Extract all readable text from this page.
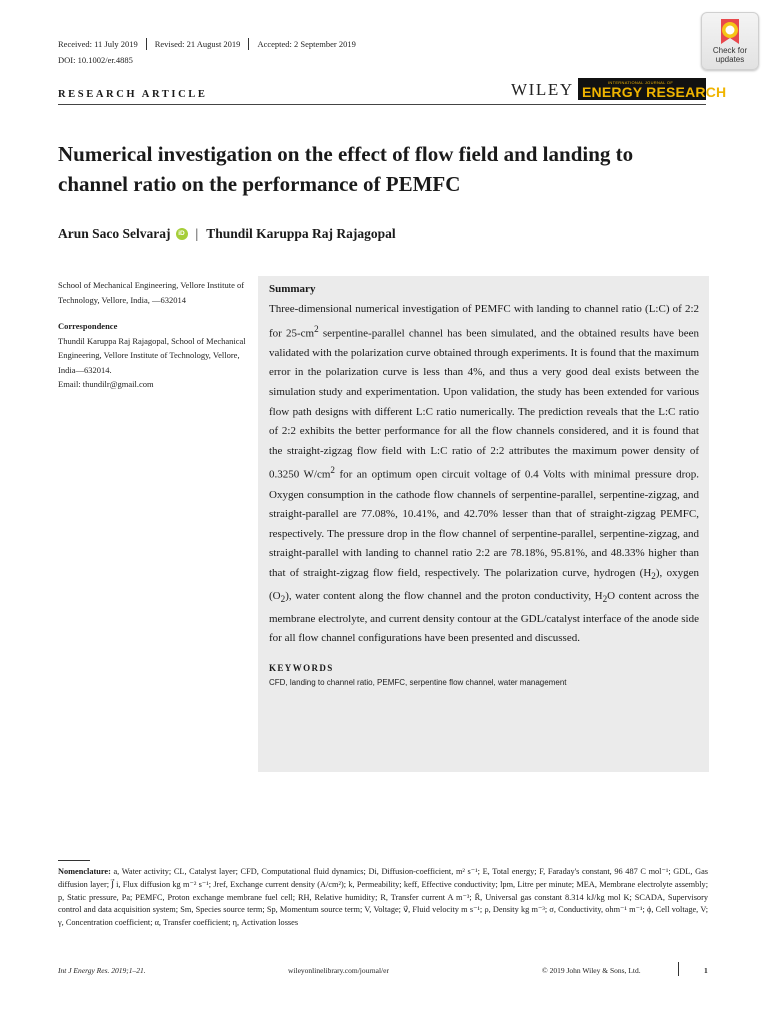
Received: 11 July 2019 Revised: 21 August 2019 Accepted: 2 September 2019
DOI: 10.1002/er.4885
Check for
updates
RESEARCH ARTICLE	WILEY	INTERNATIONAL JOURNAL OF
ENERGY RESEARCH
Numerical investigation on the effect of flow field and landing to channel ratio on the performance of PEMFC
Arun Saco Selvaraj	iD | Thundil Karuppa Raj Rajagopal

School of Mechanical Engineering, Vellore Institute of Technology, Vellore, India, —632014

Correspondence

Thundil Karuppa Raj Rajagopal, School of Mechanical Engineering, Vellore Institute of Technology, Vellore, India—632014.

Email: thundilr@gmail.com

Summary

Three-dimensional numerical investigation of PEMFC with landing to channel ratio (L:C) of 2:2 for $25-cm^2$ serpentine-parallel channel has been simulated, and the obtained results have been validated with the polarization curve obtained through experiments. It is found that the maximum error in the polarization curve is less than 4%, and thus a very good deal exists between the simulation study and experimentation. Upon validation, the study has been extended for various flow path designs with different L:C ratio numerically. The prediction reveals that the L:C ratio of 2:2 exhibits the better performance for all the flow channels considered, and it is found that the straight-zigzag flow field with L:C ratio of 2:2 attributes the maximum power density of 0.3250 $W/cm^2$ for an optimum open circuit voltage of 0.4 Volts with minimal pressure drop. Oxygen consumption in the cathode flow channels of serpentine-parallel, serpentine-zigzag, and straight-parallel are 77.08%, 10.41%, and 42.70% lesser than that of straight-zigzag PEMFC, respectively. The pressure drop in the flow channel of serpentine-parallel, serpentine-zigzag, and straight-parallel with landing to channel ratio 2:2 are 78.18%, 95.81%, and 48.33% higher than that of straight-zigzag flow field, respectively. The polarization curve, hydrogen $(H_2)$, oxygen $(O_2)$, water content along the flow channel and the proton conductivity, $H_2O$ content across the membrane electrolyte, and current density contour at the GDL/catalyst interface of the anode side for all flow channel configurations have been presented and discussed.

KEYWORDS

CFD, landing to channel ratio, PEMFC, serpentine flow channel, water management

Nomenclature: a, Water activity; CL, Catalyst layer; CFD, Computational fluid dynamics; Di, Diffusion-coefficient, m² s⁻¹; E, Total energy; F, Faraday's constant, 96 487 C mol⁻¹; GDL, Gas diffusion layer; J⃗ i, Flux diffusion kg m⁻² s⁻¹; Jref, Exchange current density (A/cm²); k, Permeability; keff, Effective conductivity; lpm, Litre per minute; MEA, Membrane electrolyte assembly; p, Static pressure, Pa; PEMFC, Proton exchange membrane fuel cell; RH, Relative humidity; R, Transfer current A m⁻³; R̄, Universal gas constant 8.314 kJ/kg mol K; SCADA, Supervisory control and data acquisition system; Sm, Species source term; Sp, Momentum source term; V, Voltage; v⃗, Fluid velocity m s⁻¹; ρ, Density kg m⁻³; σ, Conductivity, ohm⁻¹ m⁻¹; ϕ, Cell voltage, V; γ, Concentration coefficient; α, Transfer coefficient; η, Activation losses

Int J Energy Res. 2019;1–21.	wileyonlinelibrary.com/journal/er	© 2019 John Wiley & Sons, Ltd.	1
